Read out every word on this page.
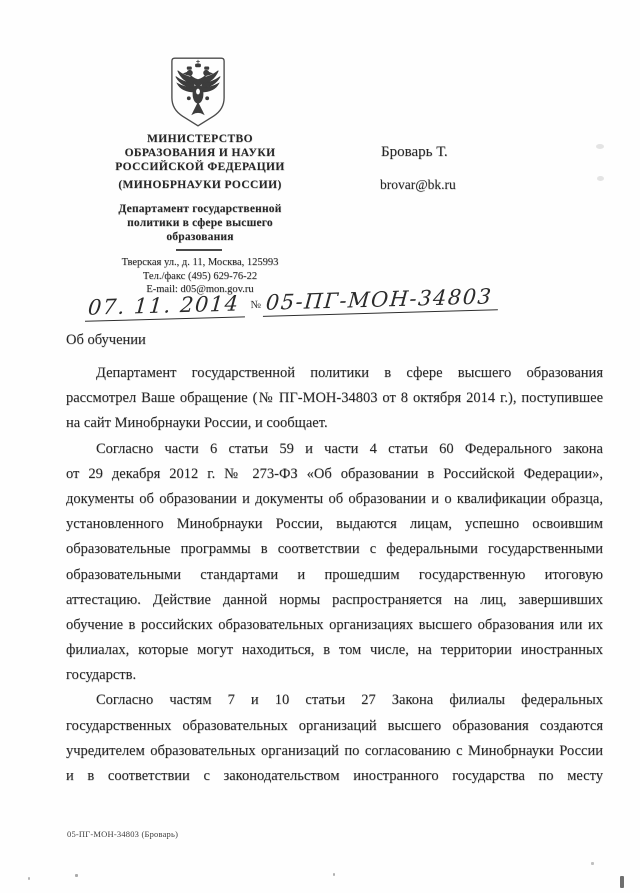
МИНИСТЕРСТВО
ОБРАЗОВАНИЯ И НАУКИ
РОССИЙСКОЙ ФЕДЕРАЦИИ
(МИНОБРНАУКИ РОССИИ)
Департамент государственной
политики в сфере высшего
образования
Тверская ул., д. 11, Москва, 125993
Тел./факс (495) 629-76-22
E-mail: d05@mon.gov.ru
07. 11. 2014 № 05-ПГ-МОН-34803
Броварь Т.
brovar@bk.ru
Об обучении
Департамент государственной политики в сфере высшего образования
рассмотрел Ваше обращение (№ ПГ-МОН-34803 от 8 октября 2014 г.), поступившее
на сайт Минобрнауки России, и сообщает.
Согласно части 6 статьи 59 и части 4 статьи 60 Федерального закона
от 29 декабря 2012 г. № 273-ФЗ «Об образовании в Российской Федерации»,
документы об образовании и документы об образовании и о квалификации образца,
установленного Минобрнауки России, выдаются лицам, успешно освоившим
образовательные программы в соответствии с федеральными государственными
образовательными стандартами и прошедшим государственную итоговую
аттестацию. Действие данной нормы распространяется на лиц, завершивших
обучение в российских образовательных организациях высшего образования или их
филиалах, которые могут находиться, в том числе, на территории иностранных
государств.
Согласно частям 7 и 10 статьи 27 Закона филиалы федеральных
государственных образовательных организаций высшего образования создаются
учредителем образовательных организаций по согласованию с Минобрнауки России
и в соответствии с законодательством иностранного государства по месту
05-ПГ-МОН-34803 (Броварь)
